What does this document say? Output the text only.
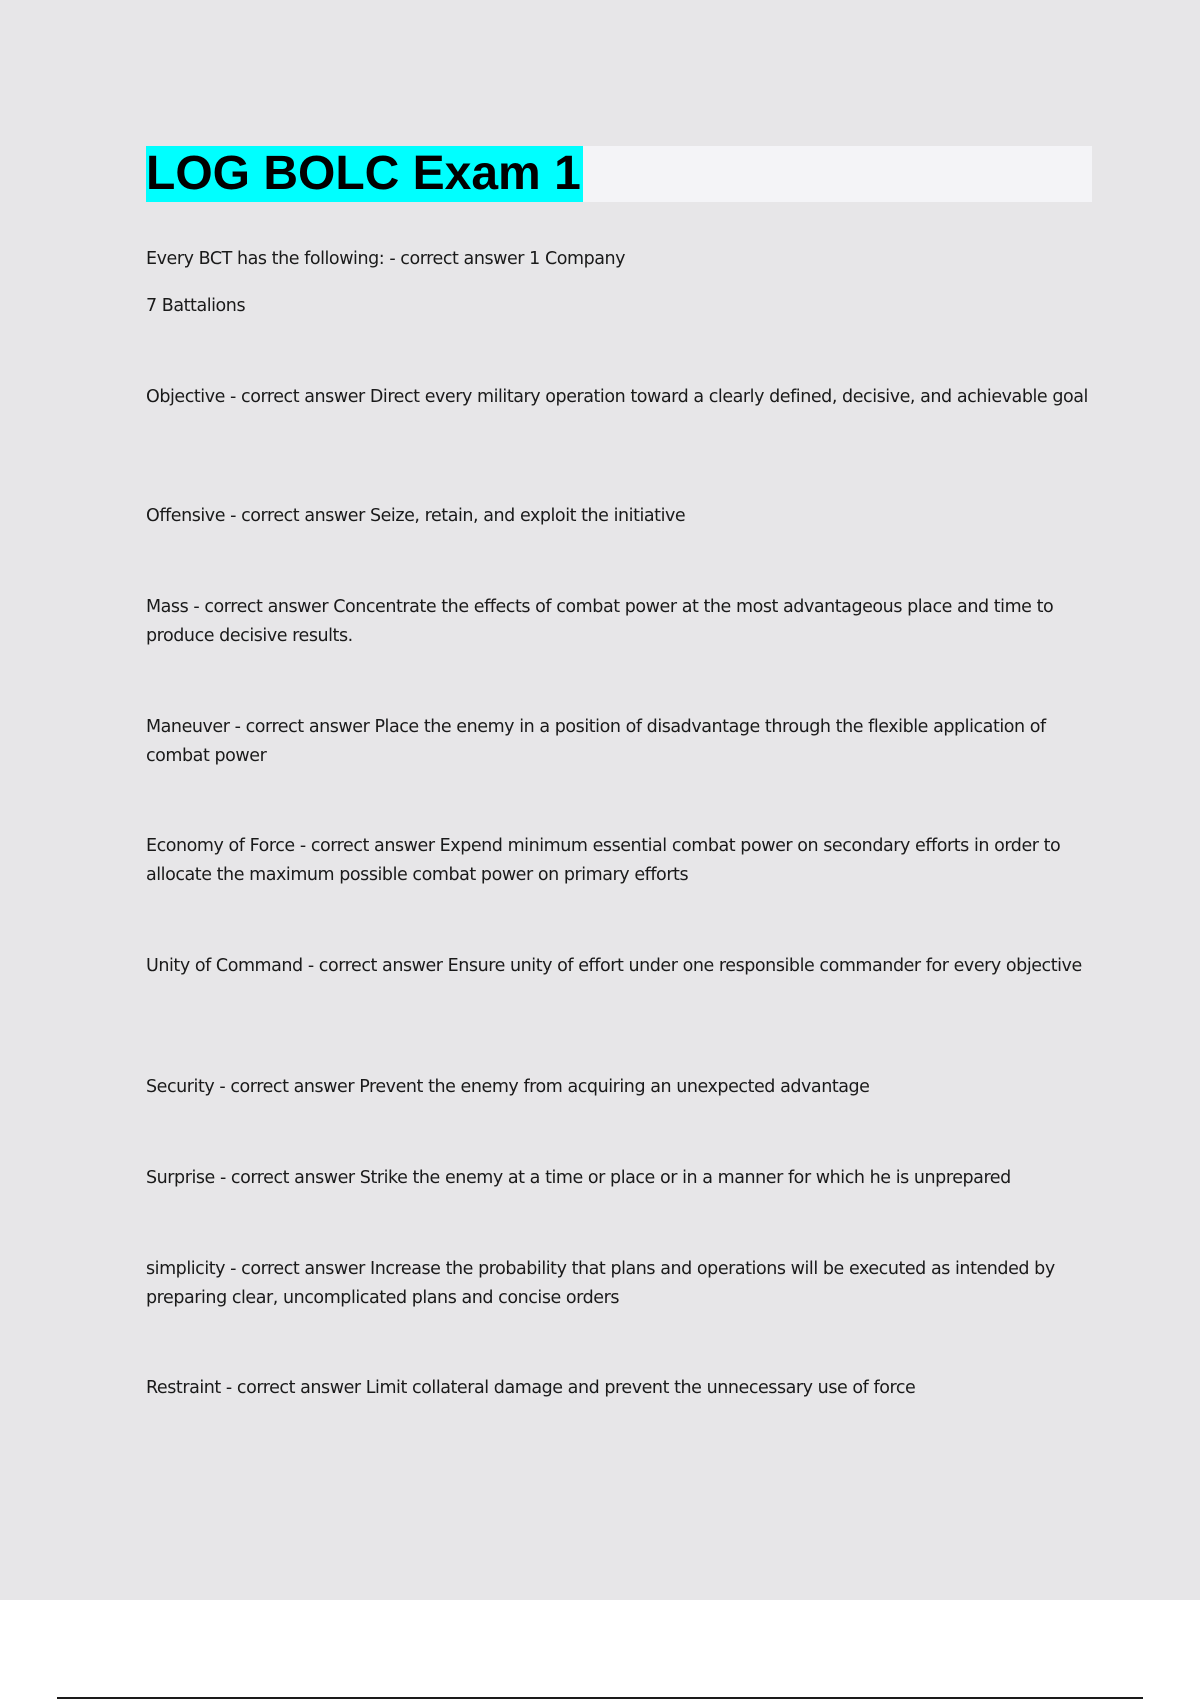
LOG BOLC Exam 1

Every BCT has the following: - correct answer 1 Company

7 Battalions

Objective - correct answer Direct every military operation toward a clearly defined, decisive, and achievable goal

Offensive - correct answer Seize, retain, and exploit the initiative

Mass - correct answer Concentrate the effects of combat power at the most advantageous place and time to produce decisive results.

Maneuver - correct answer Place the enemy in a position of disadvantage through the flexible application of combat power

Economy of Force - correct answer Expend minimum essential combat power on secondary efforts in order to allocate the maximum possible combat power on primary efforts

Unity of Command - correct answer Ensure unity of effort under one responsible commander for every objective

Security - correct answer Prevent the enemy from acquiring an unexpected advantage

Surprise - correct answer Strike the enemy at a time or place or in a manner for which he is unprepared

simplicity - correct answer Increase the probability that plans and operations will be executed as intended by preparing clear, uncomplicated plans and concise orders

Restraint - correct answer Limit collateral damage and prevent the unnecessary use of force
